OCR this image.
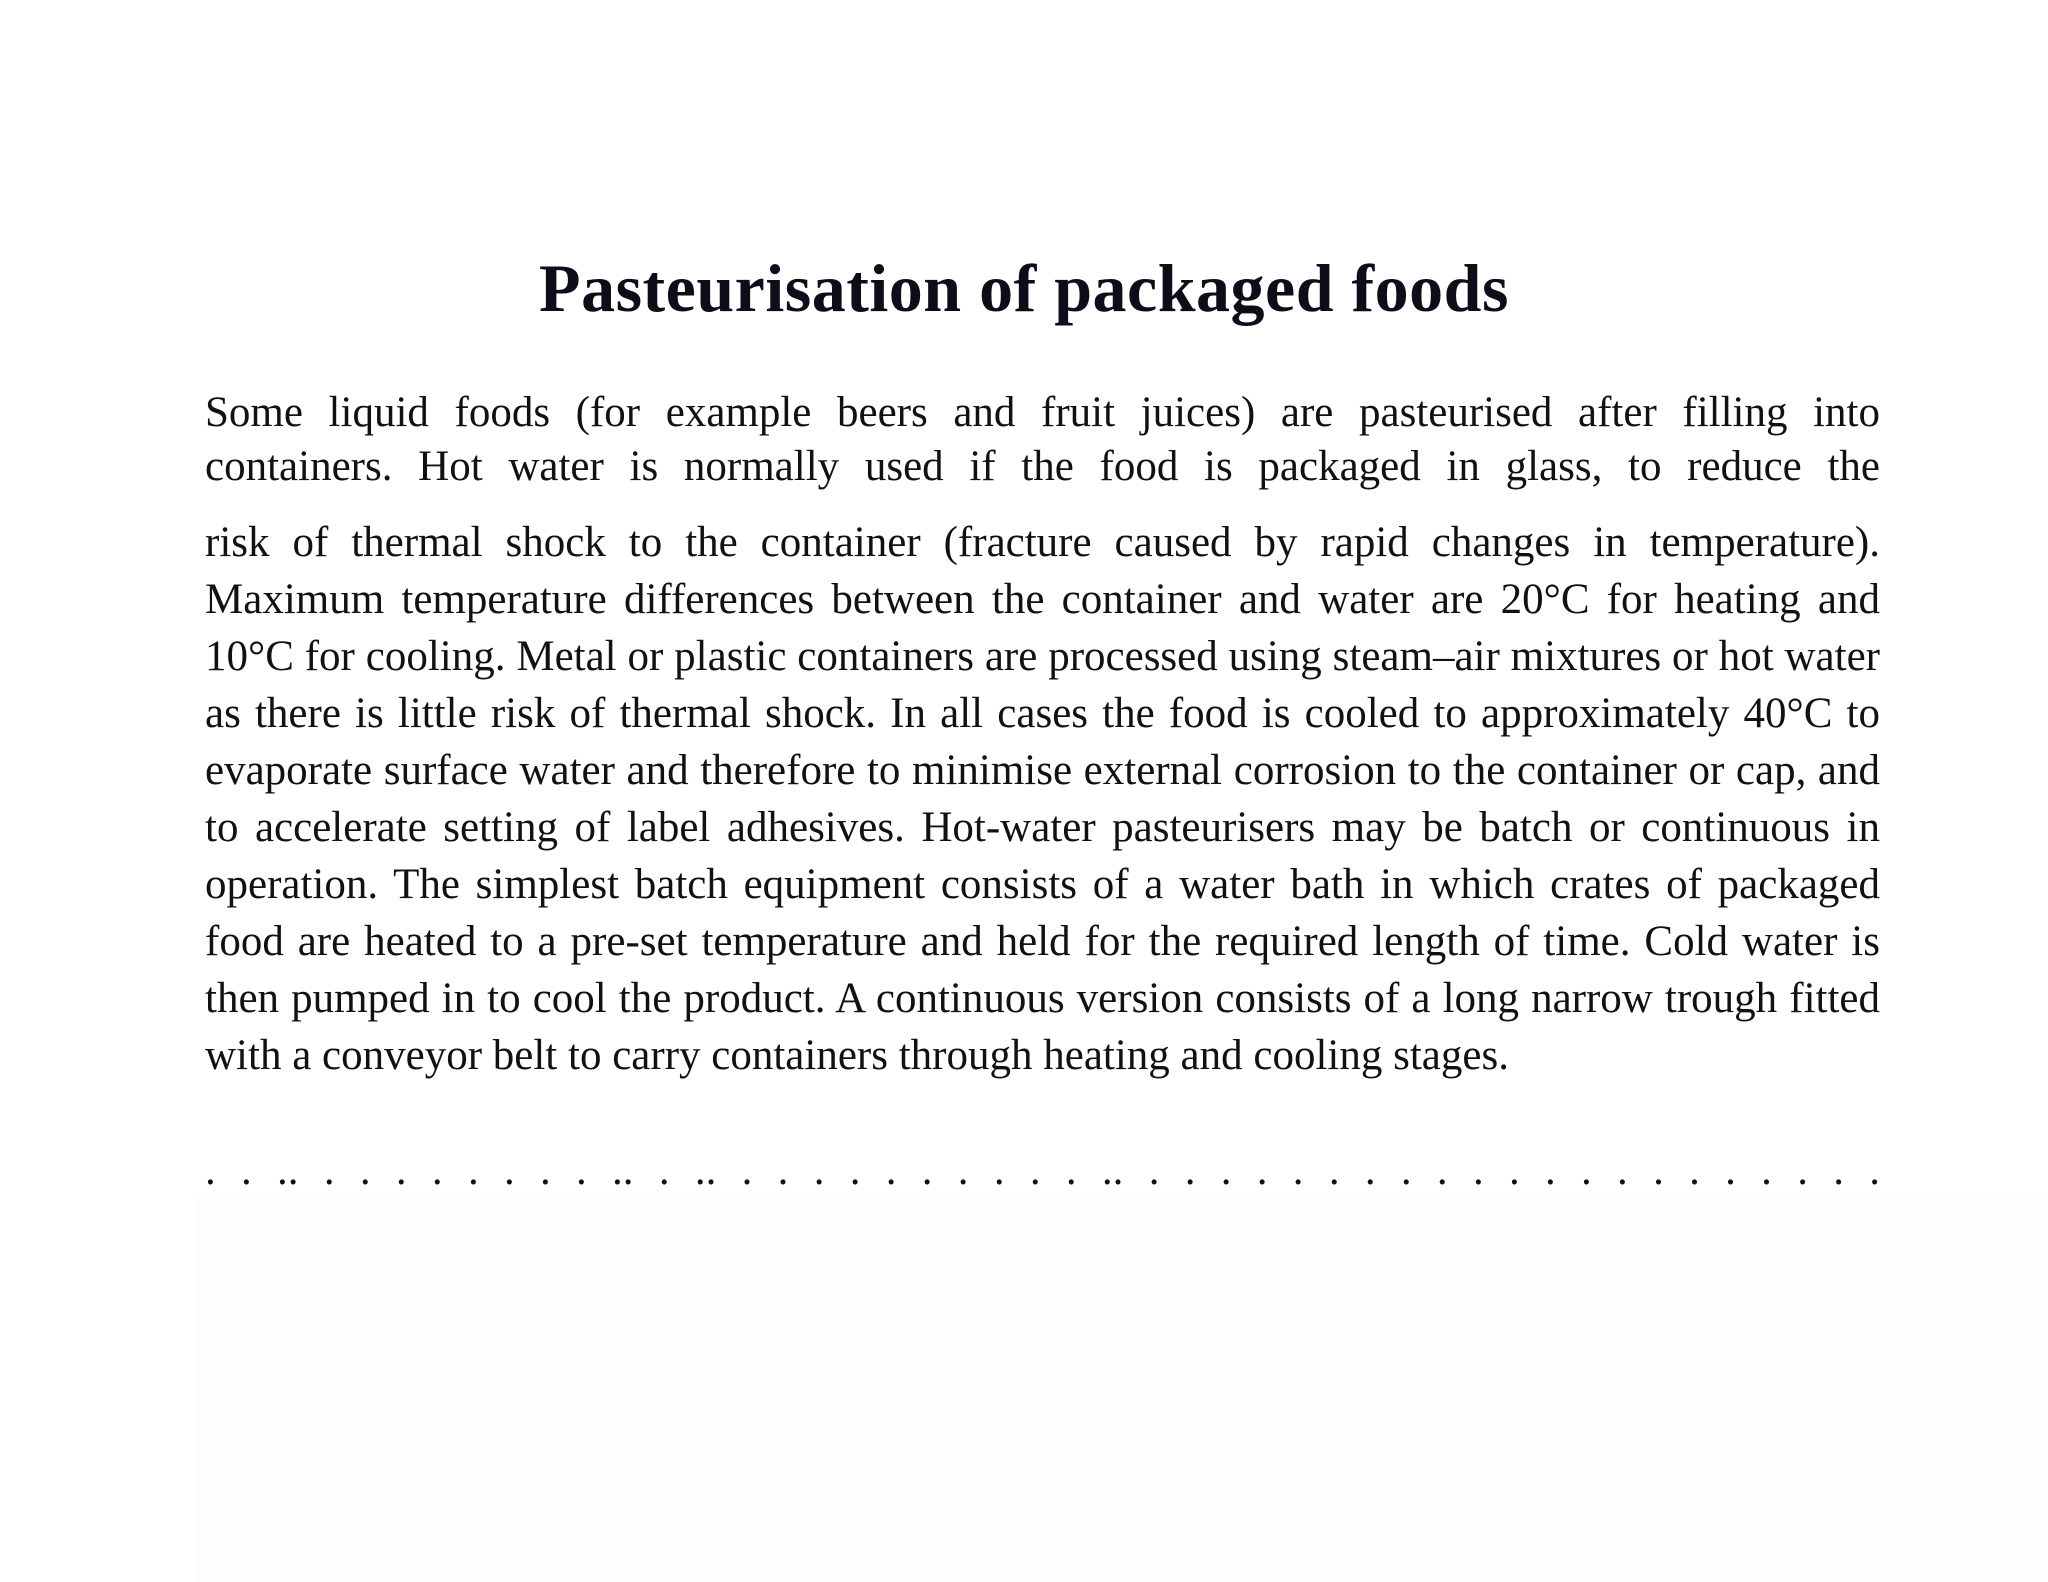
Pasteurisation of packaged foods

Some liquid foods (for example beers and fruit juices) are pasteurised after filling into containers. Hot water is normally used if the food is packaged in glass, to reduce the

risk of thermal shock to the container (fracture caused by rapid changes in temperature). Maximum temperature differences between the container and water are 20°C for heating and 10°C for cooling. Metal or plastic containers are processed using steam–air mixtures or hot water as there is little risk of thermal shock. In all cases the food is cooled to approximately 40°C to evaporate surface water and therefore to minimise external corrosion to the container or cap, and to accelerate setting of label adhesives. Hot-water pasteurisers may be batch or continuous in operation. The simplest batch equipment consists of a water bath in which crates of packaged food are heated to a pre-set temperature and held for the required length of time. Cold water is then pumped in to cool the product. A continuous version consists of a long narrow trough fitted with a conveyor belt to carry containers through heating and cooling stages.

. . .. . . . . . . . . .. . .. . . . . . . . . . . .. . . . . . . . . . . . . . . . . . . . . .
